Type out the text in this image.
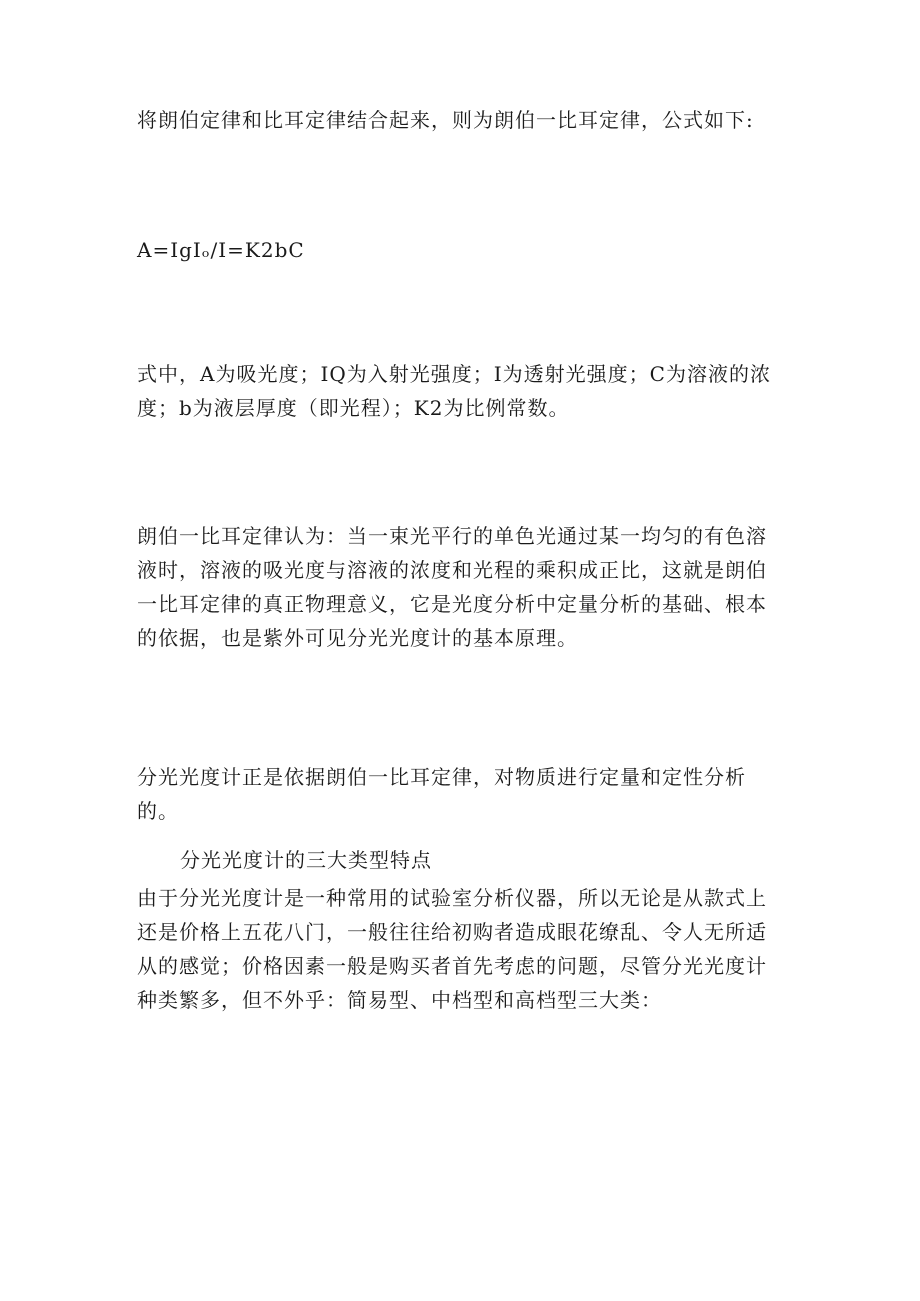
将朗伯定律和比耳定律结合起来，则为朗伯一比耳定律，公式如下:

A=IgIₒ/I=K2bC

式中，A为吸光度；IQ为入射光强度；I为透射光强度；C为溶液的浓度；b为液层厚度（即光程）；K2为比例常数。

朗伯一比耳定律认为：当一束光平行的单色光通过某一均匀的有色溶液时，溶液的吸光度与溶液的浓度和光程的乘积成正比，这就是朗伯一比耳定律的真正物理意义，它是光度分析中定量分析的基础、根本的依据，也是紫外可见分光光度计的基本原理。

分光光度计正是依据朗伯一比耳定律，对物质进行定量和定性分析的。

分光光度计的三大类型特点

由于分光光度计是一种常用的试验室分析仪器，所以无论是从款式上还是价格上五花八门，一般往往给初购者造成眼花缭乱、令人无所适从的感觉；价格因素一般是购买者首先考虑的问题，尽管分光光度计种类繁多，但不外乎：简易型、中档型和高档型三大类：
